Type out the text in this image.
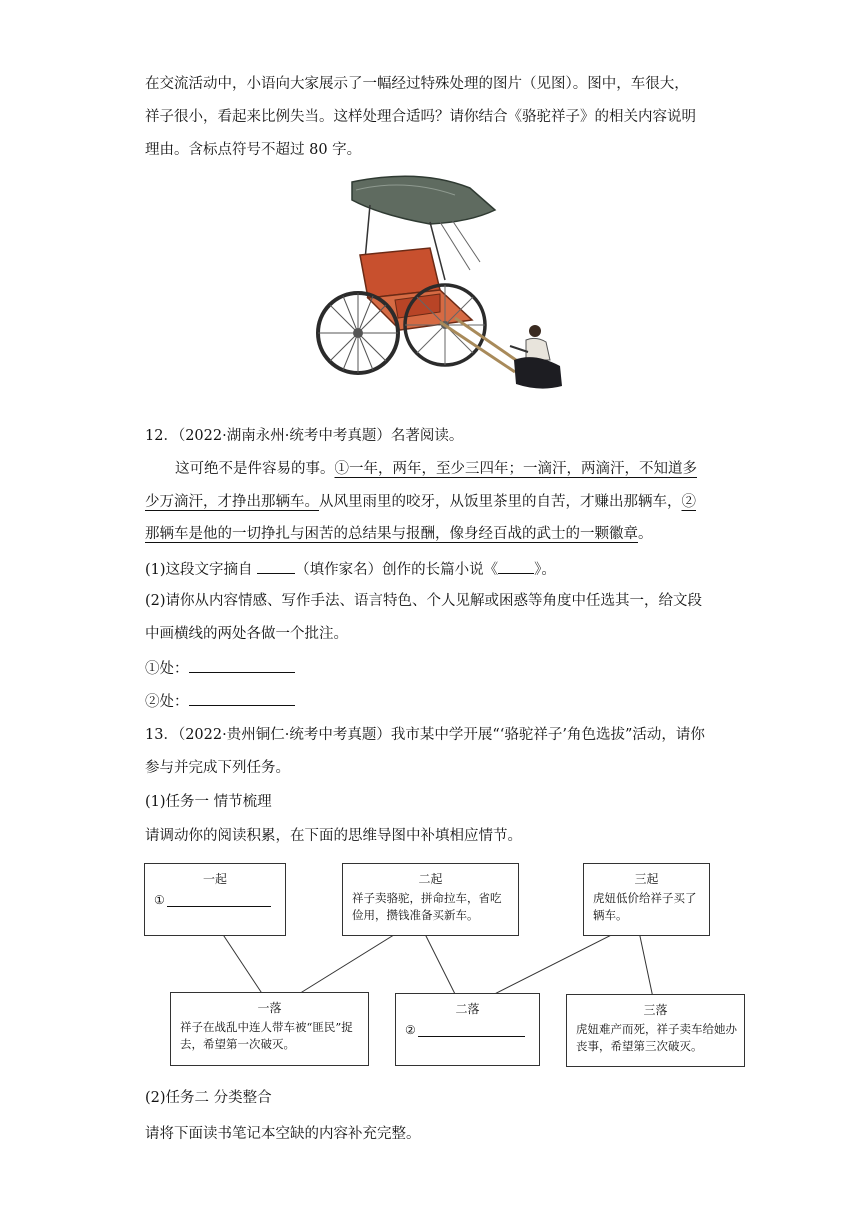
在交流活动中，小语向大家展示了一幅经过特殊处理的图片（见图）。图中，车很大，
祥子很小，看起来比例失当。这样处理合适吗？请你结合《骆驼祥子》的相关内容说明
理由。含标点符号不超过 80 字。
12．（2022·湖南永州·统考中考真题）名著阅读。
这可绝不是件容易的事。①一年，两年，至少三四年；一滴汗，两滴汗，不知道多
少万滴汗，才挣出那辆车。从风里雨里的咬牙，从饭里茶里的自苦，才赚出那辆车，②
那辆车是他的一切挣扎与困苦的总结果与报酬，像身经百战的武士的一颗徽章。
(1)这段文字摘自	（填作家名）创作的长篇小说《 》。
(2)请你从内容情感、写作手法、语言特色、个人见解或困惑等角度中任选其一，给文段
中画横线的两处各做一个批注。
①处：
②处：
13．（2022·贵州铜仁·统考中考真题）我市某中学开展“‘骆驼祥子’角色选拔”活动，请你
参与并完成下列任务。
(1)任务一 情节梳理
请调动你的阅读积累，在下面的思维导图中补填相应情节。
一起
①
二起
祥子卖骆驼，拼命拉车，省吃俭用，攒钱准备买新车。
三起
虎妞低价给祥子买了辆车。
一落
祥子在战乱中连人带车被“匪民”捉去，希望第一次破灭。
二落
②
三落
虎妞难产而死，祥子卖车给她办丧事，希望第三次破灭。
(2)任务二 分类整合
请将下面读书笔记本空缺的内容补充完整。
